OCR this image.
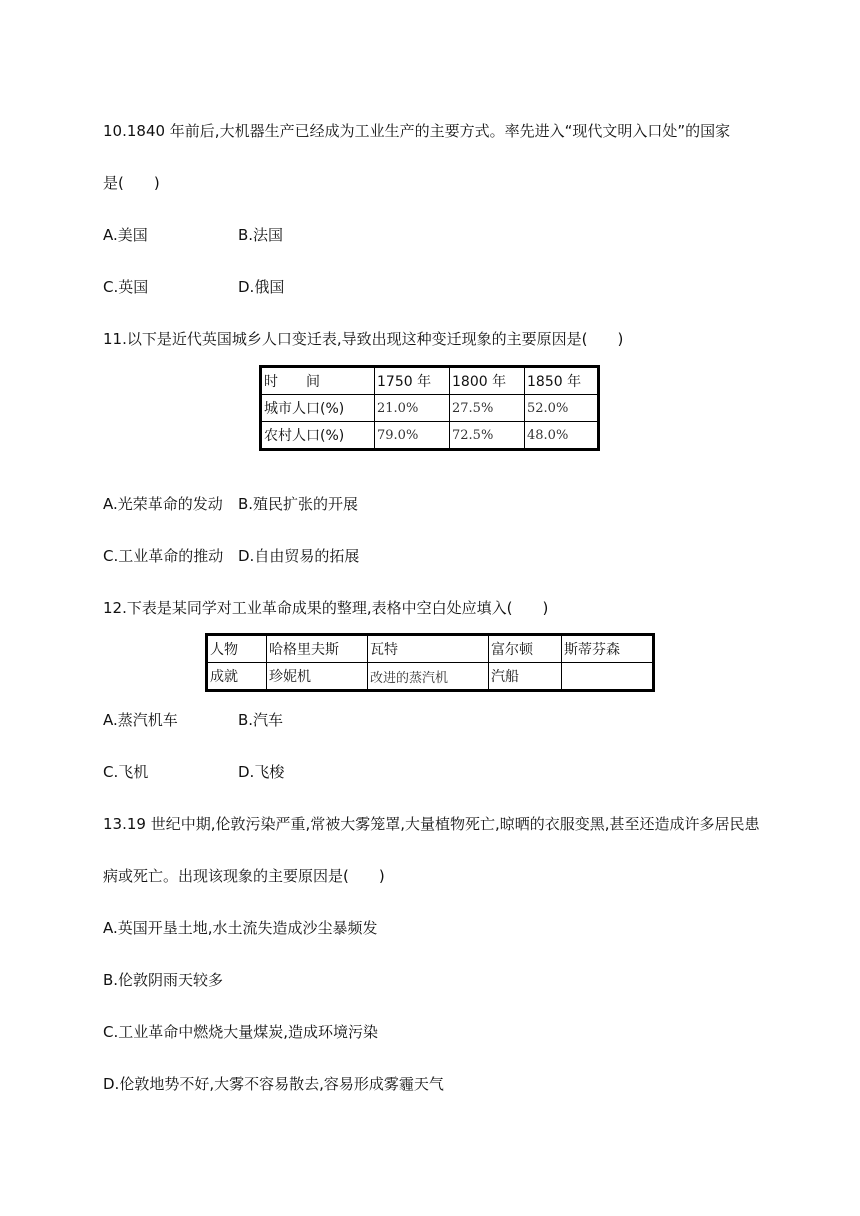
10.1840 年前后,大机器生产已经成为工业生产的主要方式。率先进入“现代文明入口处”的国家
是(　　)
A.美国	B.法国
C.英国	D.俄国
11.以下是近代英国城乡人口变迁表,导致出现这种变迁现象的主要原因是(　　)
时　　间	1750 年	1800 年	1850 年
城市人口(%)	21.0%	27.5%	52.0%
农村人口(%)	79.0%	72.5%	48.0%
A.光荣革命的发动 B.殖民扩张的开展
C.工业革命的推动 D.自由贸易的拓展
12.下表是某同学对工业革命成果的整理,表格中空白处应填入(　　)
人物	哈格里夫斯	瓦特	富尔顿	斯蒂芬森
成就	珍妮机	改进的蒸汽机	汽船	
A.蒸汽机车	B.汽车
C.飞机	D.飞梭
13.19 世纪中期,伦敦污染严重,常被大雾笼罩,大量植物死亡,晾晒的衣服变黑,甚至还造成许多居民患
病或死亡。出现该现象的主要原因是(　　)
A.英国开垦土地,水土流失造成沙尘暴频发
B.伦敦阴雨天较多
C.工业革命中燃烧大量煤炭,造成环境污染
D.伦敦地势不好,大雾不容易散去,容易形成雾霾天气
